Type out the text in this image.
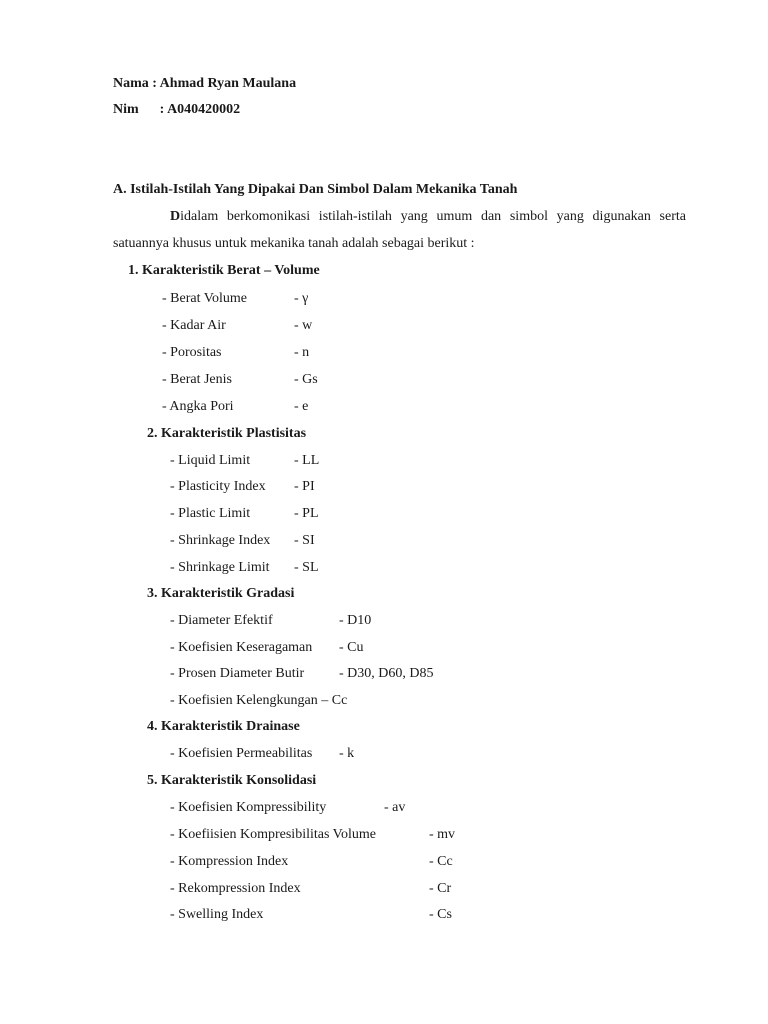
Nama : Ahmad Ryan Maulana
Nim : A040420002
A. Istilah-Istilah Yang Dipakai Dan Simbol Dalam Mekanika Tanah
Didalam berkomonikasi istilah-istilah yang umum dan simbol yang digunakan serta
satuannya khusus untuk mekanika tanah adalah sebagai berikut :
1. Karakteristik Berat – Volume
- Berat Volume	- γ
- Kadar Air	- w
- Porositas	- n
- Berat Jenis	- Gs
- Angka Pori	- e
2. Karakteristik Plastisitas
- Liquid Limit	- LL
- Plasticity Index - PI
- Plastic Limit	- PL
- Shrinkage Index - SI
- Shrinkage Limit - SL
3. Karakteristik Gradasi
- Diameter Efektif	- D10
- Koefisien Keseragaman - Cu
- Prosen Diameter Butir - D30, D60, D85
- Koefisien Kelengkungan – Cc
4. Karakteristik Drainase
- Koefisien Permeabilitas - k
5. Karakteristik Konsolidasi
- Koefisien Kompressibility	- av
- Koefiisien Kompresibilitas Volume	- mv
- Kompression Index	- Cc
- Rekompression Index	- Cr
- Swelling Index	- Cs
